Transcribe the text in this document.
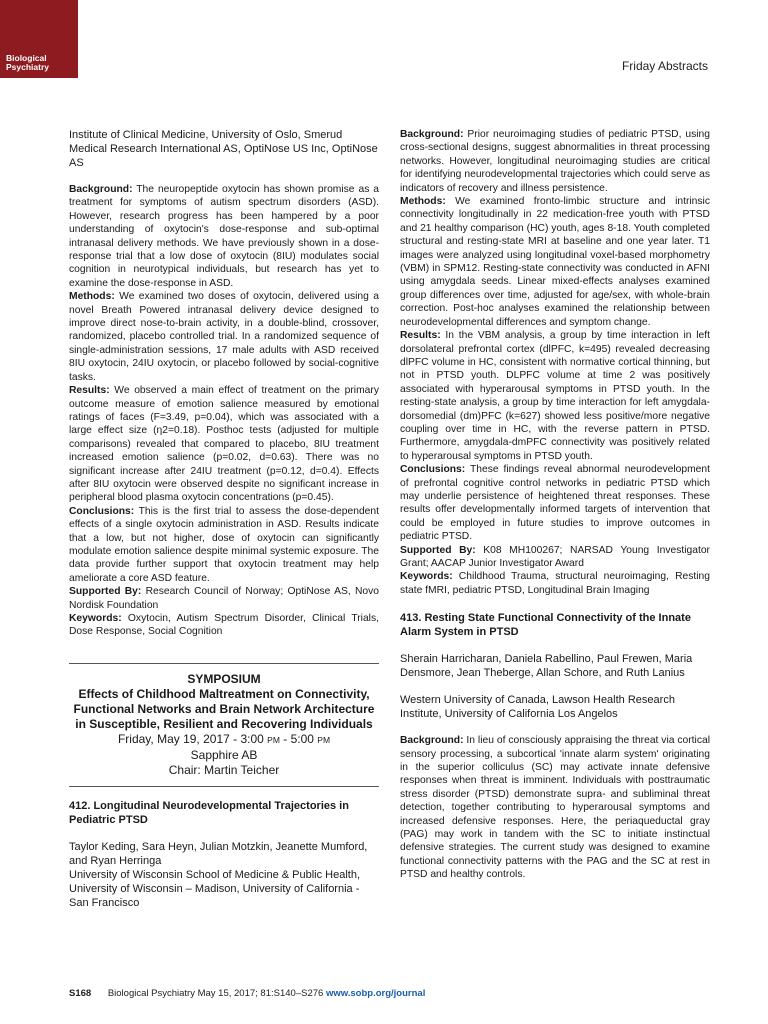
Biological
Psychiatry	Friday Abstracts

Institute of Clinical Medicine, University of Oslo, Smerud Medical Research International AS, OptiNose US Inc, OptiNose AS

Background: The neuropeptide oxytocin has shown promise as a treatment for symptoms of autism spectrum disorders (ASD). However, research progress has been hampered by a poor understanding of oxytocin's dose-response and sub-optimal intranasal delivery methods. We have previously shown in a dose-response trial that a low dose of oxytocin (8IU) modulates social cognition in neurotypical individuals, but research has yet to examine the dose-response in ASD.

Methods: We examined two doses of oxytocin, delivered using a novel Breath Powered intranasal delivery device designed to improve direct nose-to-brain activity, in a double-blind, crossover, randomized, placebo controlled trial. In a randomized sequence of single-administration sessions, 17 male adults with ASD received 8IU oxytocin, 24IU oxytocin, or placebo followed by social-cognitive tasks.

Results: We observed a main effect of treatment on the primary outcome measure of emotion salience measured by emotional ratings of faces (F=3.49, p=0.04), which was associated with a large effect size (η2=0.18). Posthoc tests (adjusted for multiple comparisons) revealed that compared to placebo, 8IU treatment increased emotion salience (p=0.02, d=0.63). There was no significant increase after 24IU treatment (p=0.12, d=0.4). Effects after 8IU oxytocin were observed despite no significant increase in peripheral blood plasma oxytocin concentrations (p=0.45).

Conclusions: This is the first trial to assess the dose-dependent effects of a single oxytocin administration in ASD. Results indicate that a low, but not higher, dose of oxytocin can significantly modulate emotion salience despite minimal systemic exposure. The data provide further support that oxytocin treatment may help ameliorate a core ASD feature.

Supported By: Research Council of Norway; OptiNose AS, Novo Nordisk Foundation

Keywords: Oxytocin, Autism Spectrum Disorder, Clinical Trials, Dose Response, Social Cognition

SYMPOSIUM
Effects of Childhood Maltreatment on Connectivity, Functional Networks and Brain Network Architecture in Susceptible, Resilient and Recovering Individuals
Friday, May 19, 2017 - 3:00 PM - 5:00 PM
Sapphire AB
Chair: Martin Teicher

412. Longitudinal Neurodevelopmental Trajectories in Pediatric PTSD

Taylor Keding, Sara Heyn, Julian Motzkin, Jeanette Mumford, and Ryan Herringa

University of Wisconsin School of Medicine & Public Health, University of Wisconsin – Madison, University of California - San Francisco

Background: Prior neuroimaging studies of pediatric PTSD, using cross-sectional designs, suggest abnormalities in threat processing networks. However, longitudinal neuroimaging studies are critical for identifying neurodevelopmental trajectories which could serve as indicators of recovery and illness persistence.

Methods: We examined fronto-limbic structure and intrinsic connectivity longitudinally in 22 medication-free youth with PTSD and 21 healthy comparison (HC) youth, ages 8-18. Youth completed structural and resting-state MRI at baseline and one year later. T1 images were analyzed using longitudinal voxel-based morphometry (VBM) in SPM12. Resting-state connectivity was conducted in AFNI using amygdala seeds. Linear mixed-effects analyses examined group differences over time, adjusted for age/sex, with whole-brain correction. Post-hoc analyses examined the relationship between neurodevelopmental differences and symptom change.

Results: In the VBM analysis, a group by time interaction in left dorsolateral prefrontal cortex (dlPFC, k=495) revealed decreasing dlPFC volume in HC, consistent with normative cortical thinning, but not in PTSD youth. DLPFC volume at time 2 was positively associated with hyperarousal symptoms in PTSD youth. In the resting-state analysis, a group by time interaction for left amygdala-dorsomedial (dm)PFC (k=627) showed less positive/more negative coupling over time in HC, with the reverse pattern in PTSD. Furthermore, amygdala-dmPFC connectivity was positively related to hyperarousal symptoms in PTSD youth.

Conclusions: These findings reveal abnormal neurodevelopment of prefrontal cognitive control networks in pediatric PTSD which may underlie persistence of heightened threat responses. These results offer developmentally informed targets of intervention that could be employed in future studies to improve outcomes in pediatric PTSD.

Supported By: K08 MH100267; NARSAD Young Investigator Grant; AACAP Junior Investigator Award

Keywords: Childhood Trauma, structural neuroimaging, Resting state fMRI, pediatric PTSD, Longitudinal Brain Imaging

413. Resting State Functional Connectivity of the Innate Alarm System in PTSD

Sherain Harricharan, Daniela Rabellino, Paul Frewen, Maria Densmore, Jean Theberge, Allan Schore, and Ruth Lanius

Western University of Canada, Lawson Health Research Institute, University of California Los Angelos

Background: In lieu of consciously appraising the threat via cortical sensory processing, a subcortical 'innate alarm system' originating in the superior colliculus (SC) may activate innate defensive responses when threat is imminent. Individuals with posttraumatic stress disorder (PTSD) demonstrate supra- and subliminal threat detection, together contributing to hyperarousal symptoms and increased defensive responses. Here, the periaqueductal gray (PAG) may work in tandem with the SC to initiate instinctual defensive strategies. The current study was designed to examine functional connectivity patterns with the PAG and the SC at rest in PTSD and healthy controls.

S168 Biological Psychiatry May 15, 2017; 81:S140–S276 www.sobp.org/journal
